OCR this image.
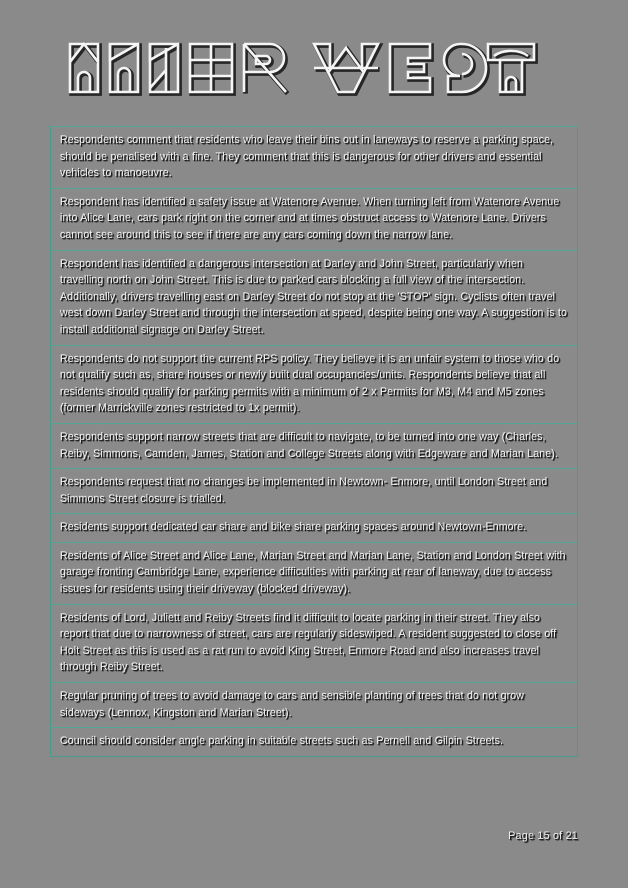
Respondents comment that residents who leave their bins out in laneways to reserve a parking space, should be penalised with a fine. They comment that this is dangerous for other drivers and essential vehicles to manoeuvre.
Respondent has identified a safety issue at Watenore Avenue. When turning left from Watenore Avenue into Alice Lane, cars park right on the corner and at times obstruct access to Watenore Lane. Drivers cannot see around this to see if there are any cars coming down the narrow lane.
Respondent has identified a dangerous intersection at Darley and John Street, particularly when travelling north on John Street. This is due to parked cars blocking a full view of the intersection. Additionally, drivers travelling east on Darley Street do not stop at the 'STOP' sign. Cyclists often travel west down Darley Street and through the intersection at speed, despite being one way. A suggestion is to install additional signage on Darley Street.
Respondents do not support the current RPS policy. They believe it is an unfair system to those who do not qualify such as, share houses or newly built dual occupancies/units. Respondents believe that all residents should qualify for parking permits with a minimum of 2 x Permits for M3, M4 and M5 zones (former Marrickville zones restricted to 1x permit).
Respondents support narrow streets that are difficult to navigate, to be turned into one way (Charles, Reiby, Simmons, Camden, James, Station and College Streets along with Edgeware and Marian Lane).
Respondents request that no changes be implemented in Newtown- Enmore, until London Street and Simmons Street closure is trialled.
Residents support dedicated car share and bike share parking spaces around Newtown-Enmore.
Residents of Alice Street and Alice Lane, Marian Street and Marian Lane, Station and London Street with garage fronting Cambridge Lane, experience difficulties with parking at rear of laneway, due to access issues for residents using their driveway (blocked driveway).
Residents of Lord, Juliett and Reiby Streets find it difficult to locate parking in their street. They also report that due to narrowness of street, cars are regularly sideswiped. A resident suggested to close off Holt Street as this is used as a rat run to avoid King Street, Enmore Road and also increases travel through Reiby Street.
Regular pruning of trees to avoid damage to cars and sensible planting of trees that do not grow sideways (Lennox, Kingston and Marian Street).
Council should consider angle parking in suitable streets such as Pernell and Gilpin Streets.
Page 15 of 21
